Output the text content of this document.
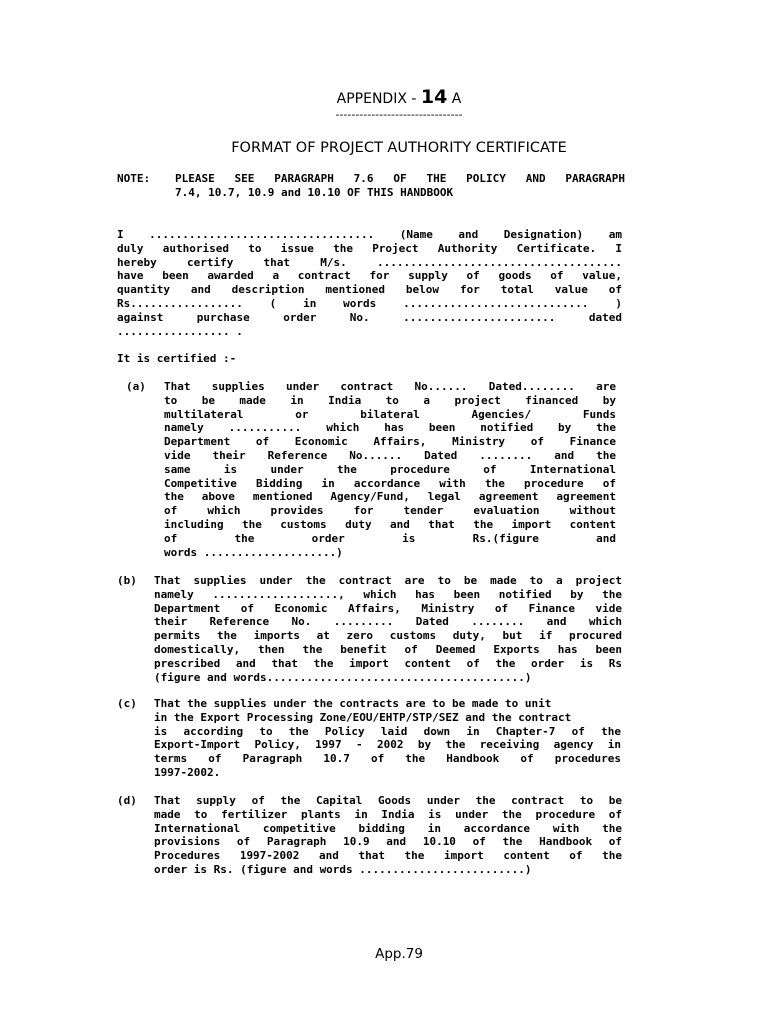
APPENDIX - 14 A
--------------------------------
FORMAT OF PROJECT AUTHORITY CERTIFICATE
NOTE: PLEASE SEE PARAGRAPH 7.6 OF THE POLICY AND PARAGRAPH
7.4, 10.7, 10.9 and 10.10 OF THIS HANDBOOK
I .................................. (Name and Designation) am
duly authorised to issue the Project Authority Certificate. I
hereby certify that M/s. .....................................
have been awarded a contract for supply of goods of value,
quantity and description mentioned below for total value of
Rs................. ( in words ............................ )
against purchase order No. ....................... dated
................. .
It is certified :-
(a) That supplies under contract No...... Dated........ are
to be made in India to a project financed by
multilateral or bilateral Agencies/ Funds
namely ........... which has been notified by the
Department of Economic Affairs, Ministry of Finance
vide their Reference No...... Dated ........ and the
same is under the procedure of International
Competitive Bidding in accordance with the procedure of
the above mentioned Agency/Fund, legal agreement agreement
of which provides for tender evaluation without
including the customs duty and that the import content
of the order is Rs.(figure and
words ....................)
(b) That supplies under the contract are to be made to a project
namely ..................., which has been notified by the
Department of Economic Affairs, Ministry of Finance vide
their Reference No. ......... Dated ........ and which
permits the imports at zero customs duty, but if procured
domestically, then the benefit of Deemed Exports has been
prescribed and that the import content of the order is Rs
(figure and words.......................................)
(c) That the supplies under the contracts are to be made to unit
in the Export Processing Zone/EOU/EHTP/STP/SEZ and the contract
is according to the Policy laid down in Chapter-7 of the
Export-Import Policy, 1997 - 2002 by the receiving agency in
terms of Paragraph 10.7 of the Handbook of procedures
1997-2002.
(d) That supply of the Capital Goods under the contract to be
made to fertilizer plants in India is under the procedure of
International competitive bidding in accordance with the
provisions of Paragraph 10.9 and 10.10 of the Handbook of
Procedures 1997-2002 and that the import content of the
order is Rs. (figure and words .........................)
App.79
